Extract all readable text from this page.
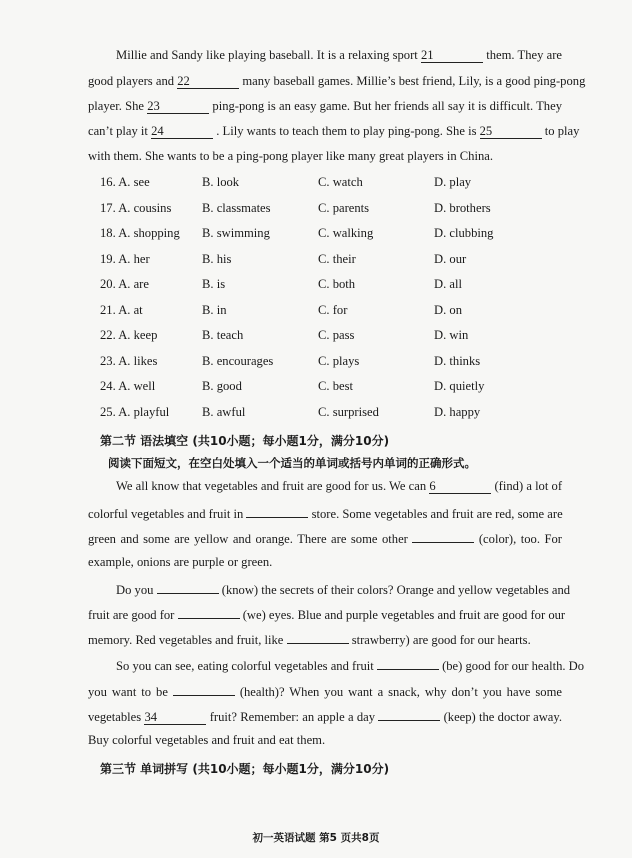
Millie and Sandy like playing baseball. It is a relaxing sport 21	them. They are
good players and 22	many baseball games. Millie’s best friend, Lily, is a good ping-pong
player. She 23	ping-pong is an easy game. But her friends all say it is difficult. They
can’t play it 24	. Lily wants to teach them to play ping-pong. She is 25	to play
with them. She wants to be a ping-pong player like many great players in China.
16. A. see	B. look	C. watch	D. play
17. A. cousins B. classmates	C. parents	D. brothers
18. A. shopping B. swimming	C. walking	D. clubbing
19. A. her	B. his	C. their	D. our
20. A. are	B. is	C. both	D. all
21. A. at	B. in	C. for	D. on
22. A. keep	B. teach	C. pass	D. win
23. A. likes	B. encourages	C. plays	D. thinks
24. A. well	B. good	C. best	D. quietly
25. A. playful	B. awful	C. surprised	D. happy
第二节 语法填空 (共10小题；每小题1分，满分10分)
阅读下面短文，在空白处填入一个适当的单词或括号内单词的正确形式。
We all know that vegetables and fruit are good for us. We can 6	(find) a lot of
colorful vegetables and fruit in	store. Some vegetables and fruit are red, some are
green and some are yellow and orange. There are some other	(color), too. For
example, onions are purple or green.
Do you	(know) the secrets of their colors? Orange and yellow vegetables and
fruit are good for	(we) eyes. Blue and purple vegetables and fruit are good for our
memory. Red vegetables and fruit, like	strawberry) are good for our hearts.
So you can see, eating colorful vegetables and fruit	(be) good for our health. Do
you want to be	(health)? When you want a snack, why don’t you have some
vegetables 34	fruit? Remember: an apple a day	(keep) the doctor away.
Buy colorful vegetables and fruit and eat them.
第三节 单词拼写 (共10小题；每小题1分，满分10分)
初一英语试题 第5 页共8页
